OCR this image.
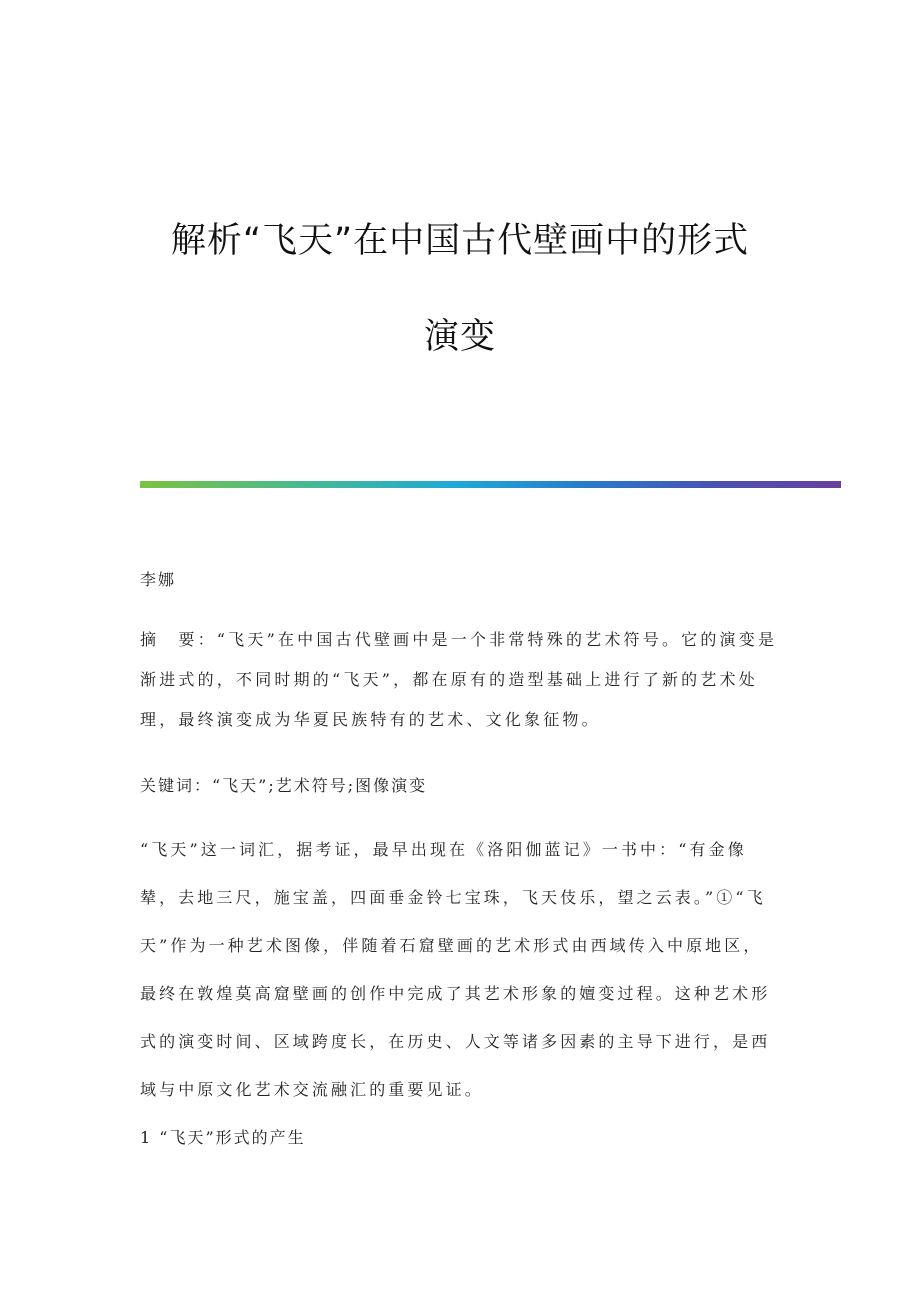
解析“飞天”在中国古代壁画中的形式
演变

李娜

摘　要：“飞天”在中国古代壁画中是一个非常特殊的艺术符号。它的演变是渐进式的，不同时期的“飞天”，都在原有的造型基础上进行了新的艺术处理，最终演变成为华夏民族特有的艺术、文化象征物。

关键词：“飞天”;艺术符号;图像演变

“飞天”这一词汇，据考证，最早出现在《洛阳伽蓝记》一书中：“有金像辇，去地三尺，施宝盖，四面垂金铃七宝珠，飞天伎乐，望之云表。”①“飞天”作为一种艺术图像，伴随着石窟壁画的艺术形式由西域传入中原地区，最终在敦煌莫高窟壁画的创作中完成了其艺术形象的嬗变过程。这种艺术形式的演变时间、区域跨度长，在历史、人文等诸多因素的主导下进行，是西域与中原文化艺术交流融汇的重要见证。

1 “飞天”形式的产生
